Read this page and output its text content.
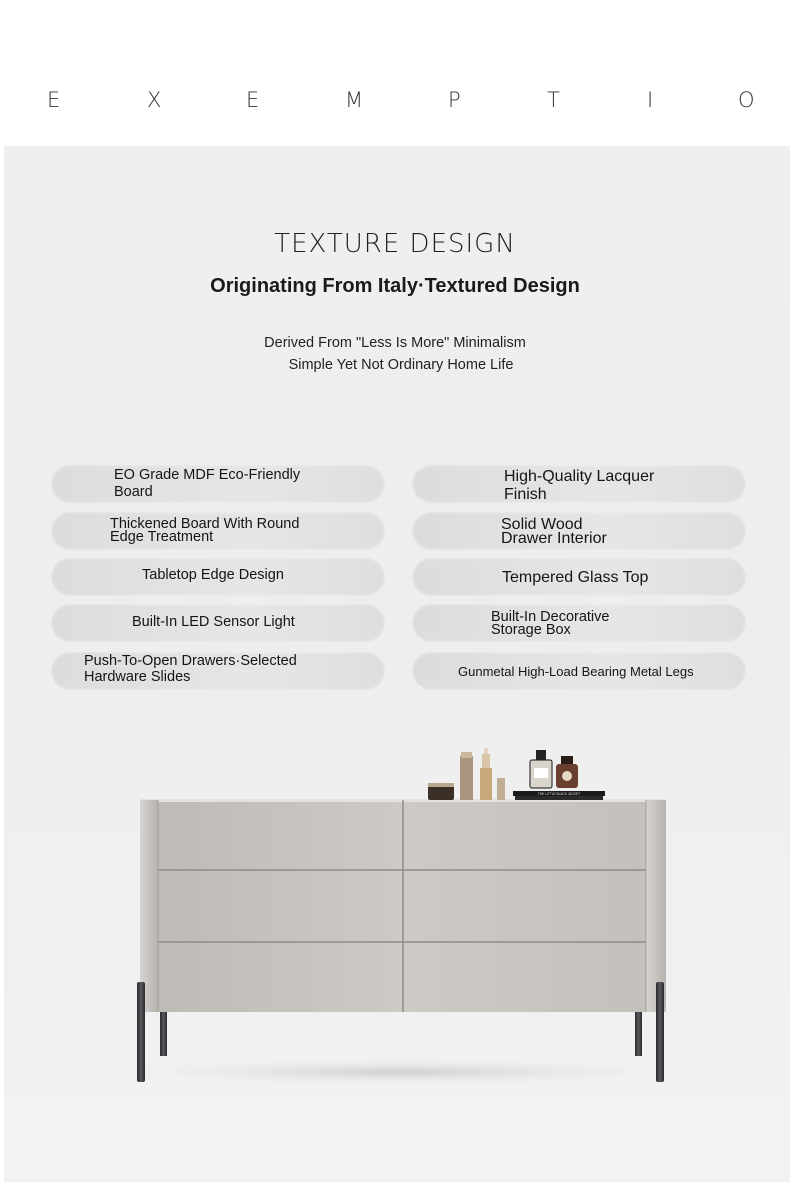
E	X	E	M	P	T	I	O
TEXTURE DESIGN
Originating From Italy·Textured Design
Derived From "Less Is More" Minimalism
Simple Yet Not Ordinary Home Life
EO Grade MDF Eco-Friendly
Board
Thickened Board With Round
Edge Treatment
Tabletop Edge Design
Built-In LED Sensor Light
Push-To-Open Drawers·Selected
Hardware Slides
High-Quality Lacquer
Finish
Solid Wood
Drawer Interior
Tempered Glass Top
Built-In Decorative
Storage Box
Gunmetal High-Load Bearing Metal Legs
THE LITTLE BLACK JACKET
